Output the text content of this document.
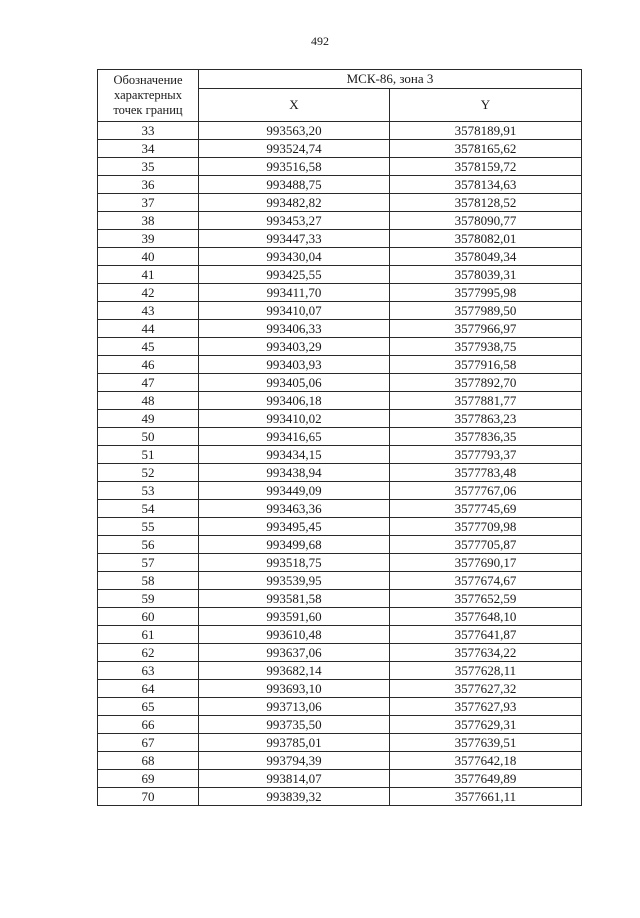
492
Обозначение характерных точек границ	МСК-86, зона 3	
	X	Y
33	993563,20	3578189,91
34	993524,74	3578165,62
35	993516,58	3578159,72
36	993488,75	3578134,63
37	993482,82	3578128,52
38	993453,27	3578090,77
39	993447,33	3578082,01
40	993430,04	3578049,34
41	993425,55	3578039,31
42	993411,70	3577995,98
43	993410,07	3577989,50
44	993406,33	3577966,97
45	993403,29	3577938,75
46	993403,93	3577916,58
47	993405,06	3577892,70
48	993406,18	3577881,77
49	993410,02	3577863,23
50	993416,65	3577836,35
51	993434,15	3577793,37
52	993438,94	3577783,48
53	993449,09	3577767,06
54	993463,36	3577745,69
55	993495,45	3577709,98
56	993499,68	3577705,87
57	993518,75	3577690,17
58	993539,95	3577674,67
59	993581,58	3577652,59
60	993591,60	3577648,10
61	993610,48	3577641,87
62	993637,06	3577634,22
63	993682,14	3577628,11
64	993693,10	3577627,32
65	993713,06	3577627,93
66	993735,50	3577629,31
67	993785,01	3577639,51
68	993794,39	3577642,18
69	993814,07	3577649,89
70	993839,32	3577661,11
